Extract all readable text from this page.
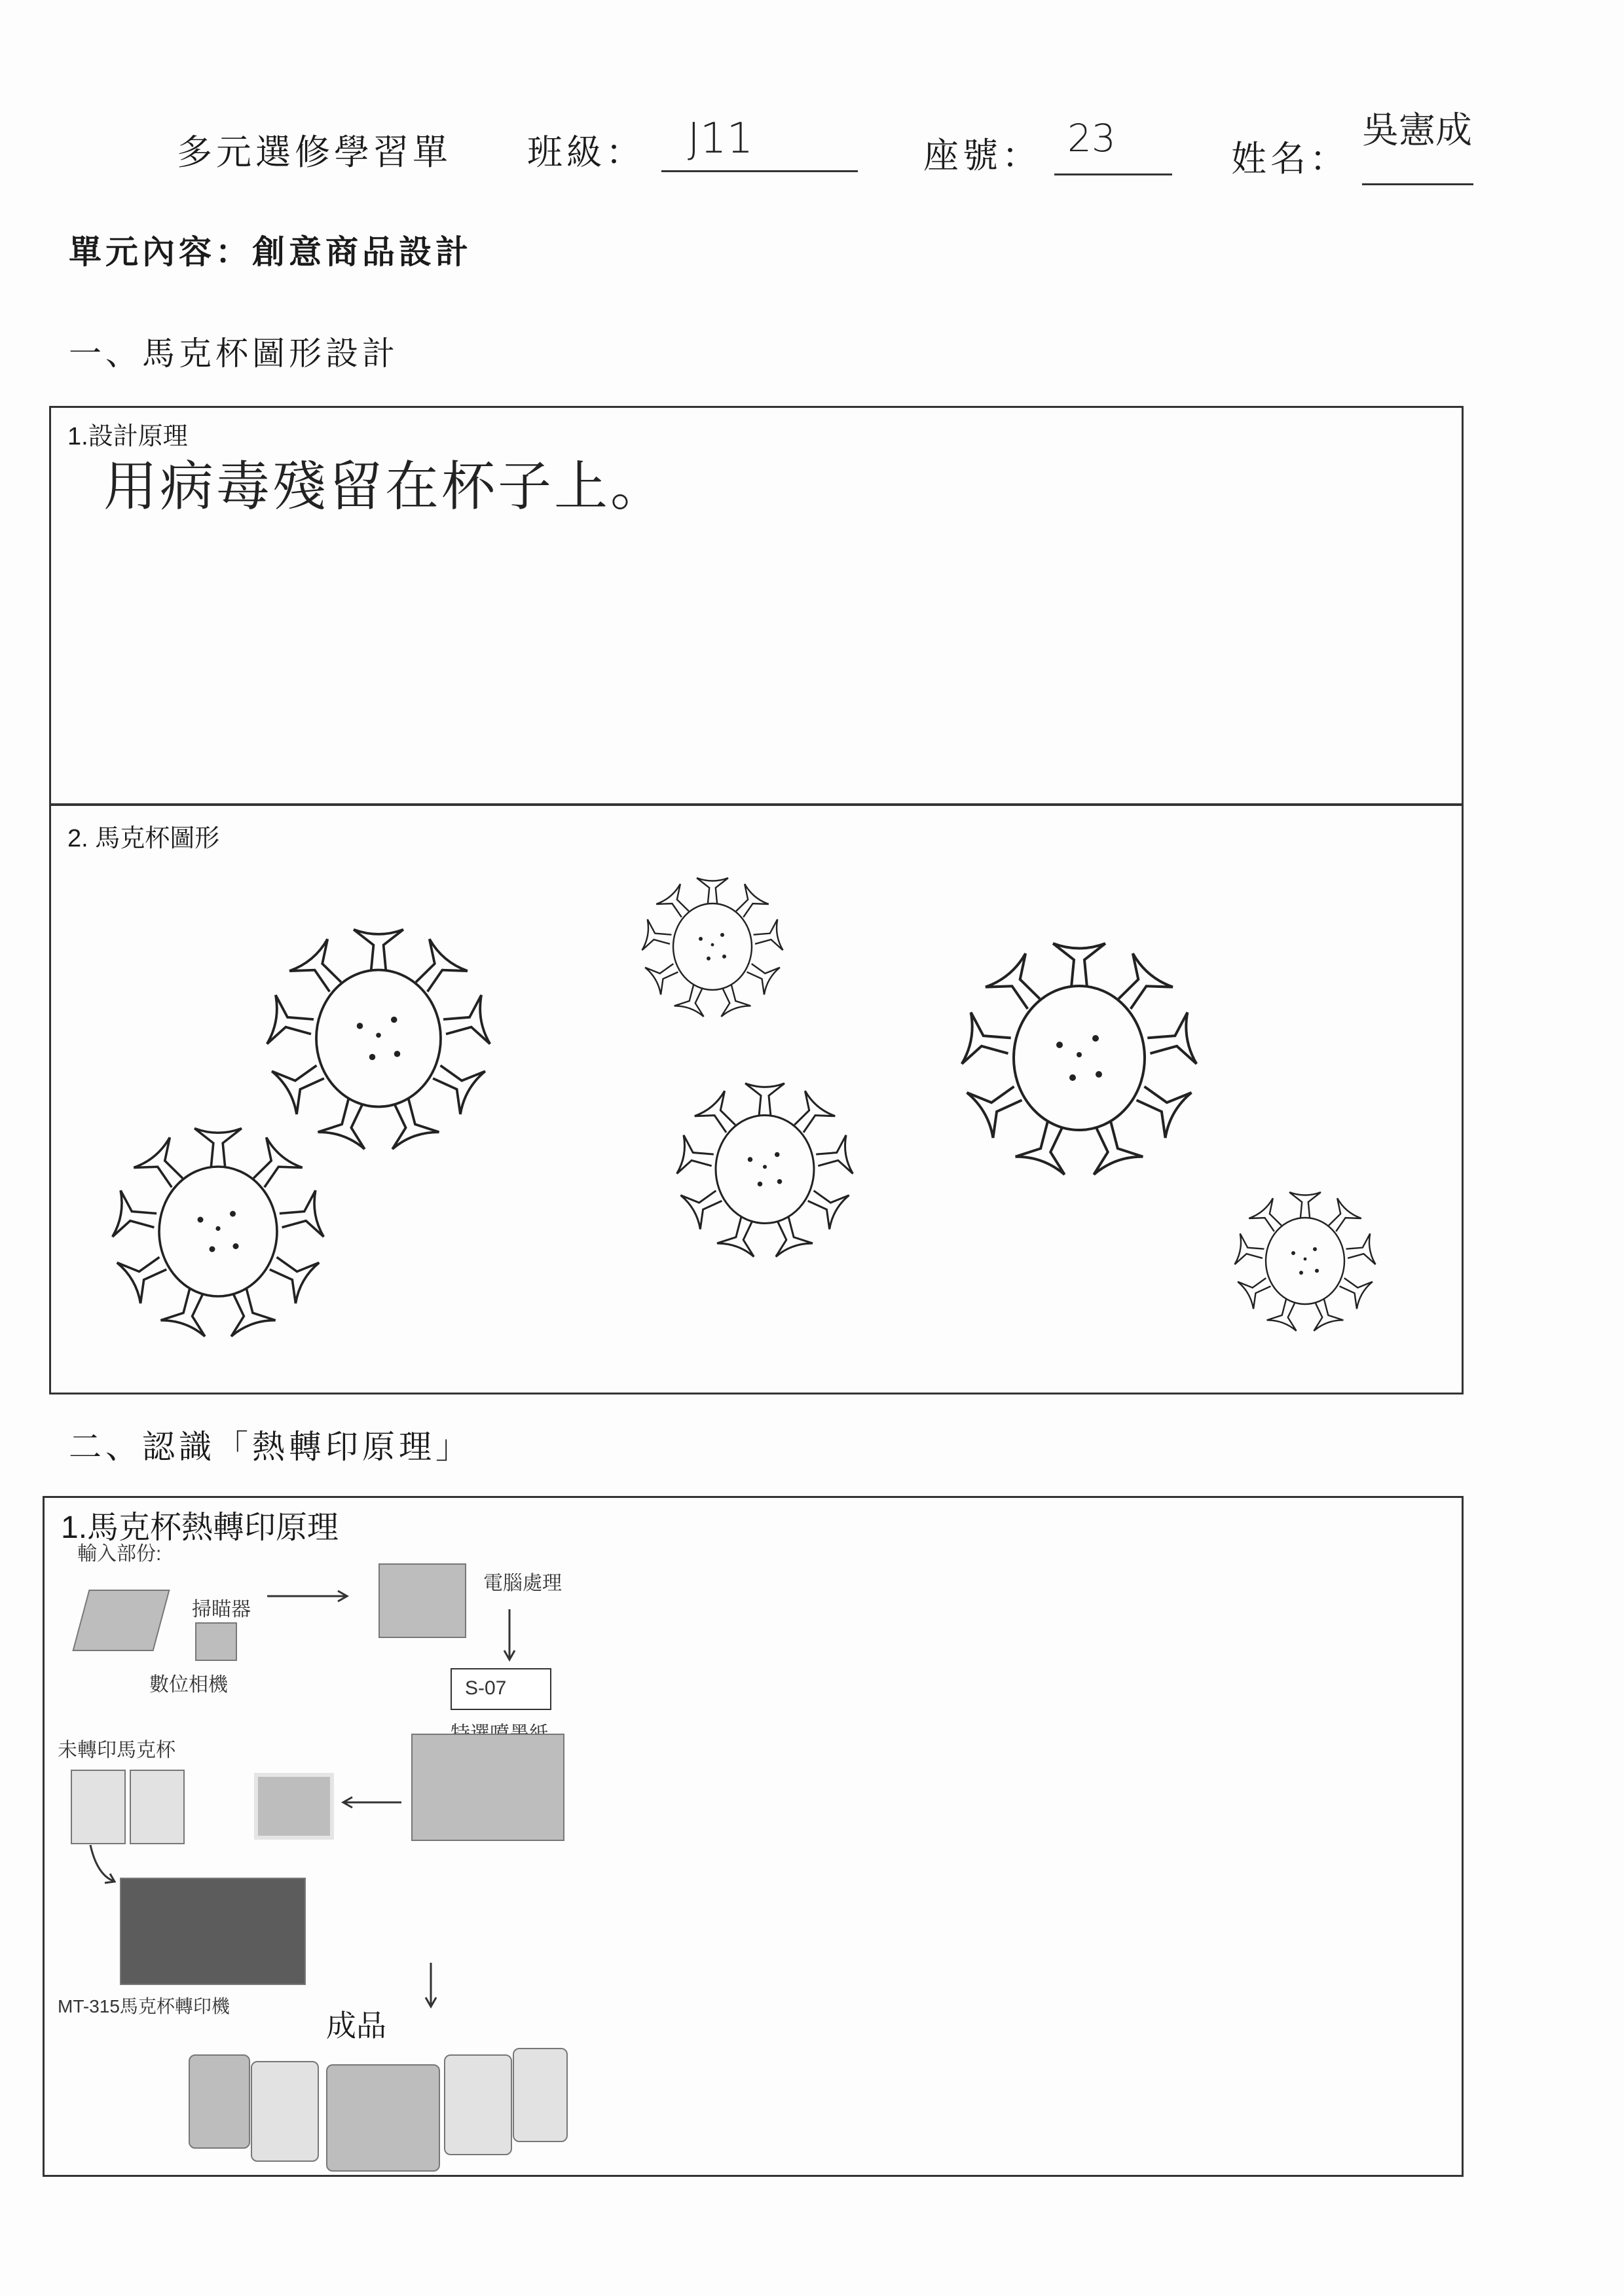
多元選修學習單 班級： J11	座號： 23	姓名：
吳憲成
單元內容：創意商品設計
一、馬克杯圖形設計
1.設計原理
用病毒殘留在杯子上。
2. 馬克杯圖形
二、認識「熱轉印原理」
1.馬克杯熱轉印原理
輸入部份:
掃瞄器
數位相機
電腦處理
S-07
未轉印馬克杯
MT-315馬克杯轉印機
成品
